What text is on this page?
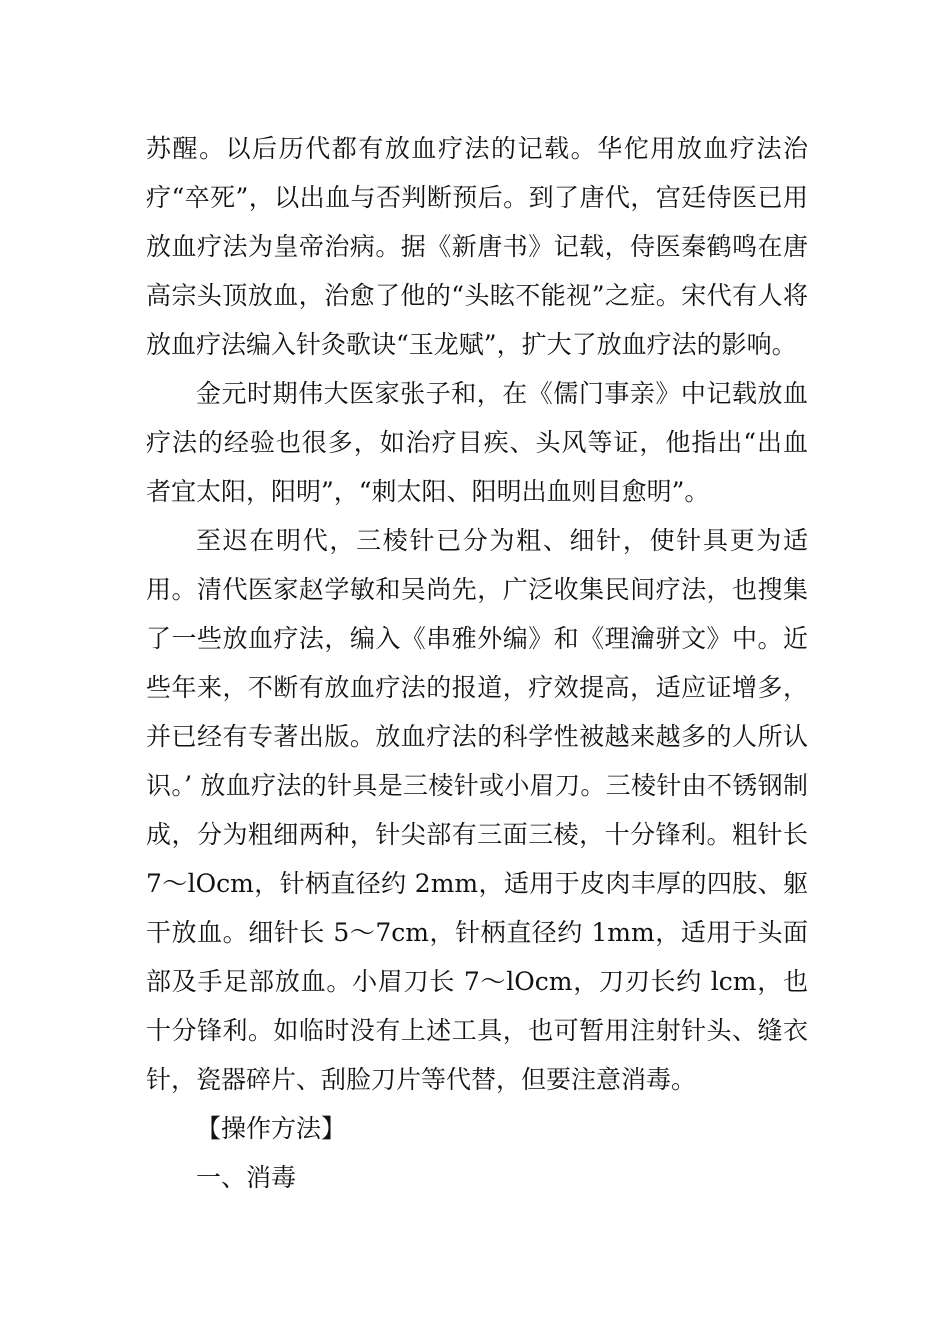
苏醒。以后历代都有放血疗法的记载。华佗用放血疗法治疗“卒死”，以出血与否判断预后。到了唐代，宫廷侍医已用放血疗法为皇帝治病。据《新唐书》记载，侍医秦鹤鸣在唐高宗头顶放血，治愈了他的“头眩不能视”之症。宋代有人将放血疗法编入针灸歌诀“玉龙赋”，扩大了放血疗法的影响。

金元时期伟大医家张子和，在《儒门事亲》中记载放血疗法的经验也很多，如治疗目疾、头风等证，他指出“出血者宜太阳，阳明”，“刺太阳、阳明出血则目愈明”。

至迟在明代，三棱针已分为粗、细针，使针具更为适用。清代医家赵学敏和吴尚先，广泛收集民间疗法，也搜集了一些放血疗法，编入《串雅外编》和《理瀹骈文》中。近些年来，不断有放血疗法的报道，疗效提高，适应证增多，并已经有专著出版。放血疗法的科学性被越来越多的人所认识。’ 放血疗法的针具是三棱针或小眉刀。三棱针由不锈钢制成，分为粗细两种，针尖部有三面三棱，十分锋利。粗针长 7～lOcm，针柄直径约 2mm，适用于皮肉丰厚的四肢、躯干放血。细针长 5～7cm，针柄直径约 1mm，适用于头面部及手足部放血。小眉刀长 7～lOcm，刀刃长约 lcm，也十分锋利。如临时没有上述工具，也可暂用注射针头、缝衣针，瓷器碎片、刮脸刀片等代替，但要注意消毒。

【操作方法】

一、消毒
